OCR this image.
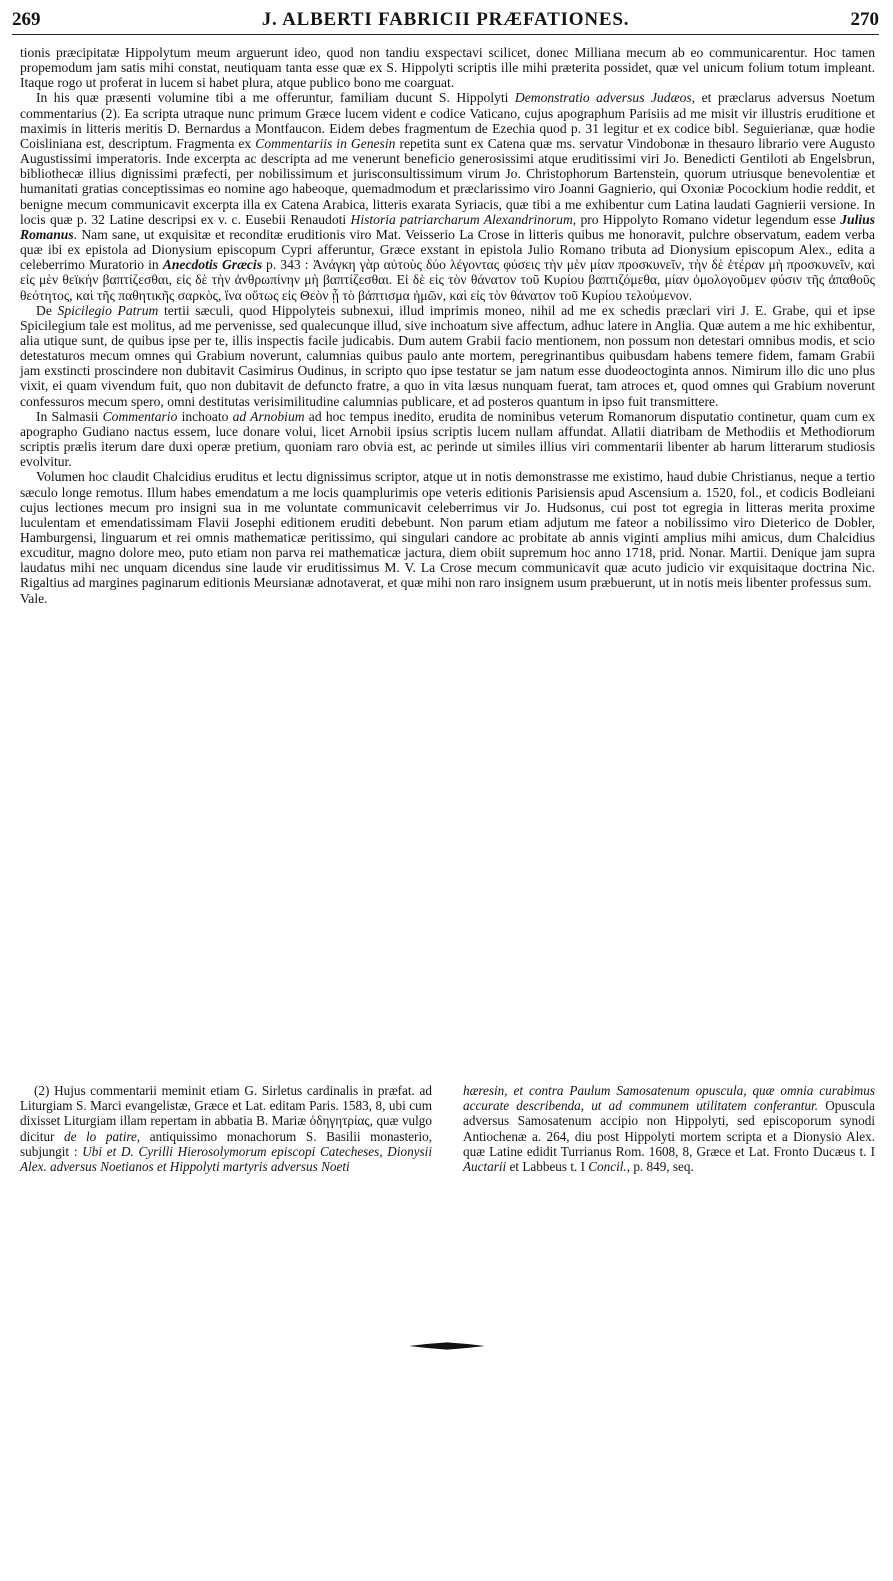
269	J. ALBERTI FABRICII PRÆFATIONES.	270

tionis præcipitatæ Hippolytum meum arguerunt ideo, quod non tandiu exspectavi scilicet, donec Milliana mecum ab eo communicarentur. Hoc tamen propemodum jam satis mihi constat, neutiquam tanta esse quæ ex S. Hippolyti scriptis ille mihi præterita possidet, quæ vel unicum folium totum impleant. Itaque rogo ut proferat in lucem si habet plura, atque publico bono me coarguat.

In his quæ præsenti volumine tibi a me offeruntur, familiam ducunt S. Hippolyti Demonstratio adversus Judæos, et præclarus adversus Noetum commentarius (2). Ea scripta utraque nunc primum Græce lucem vident e codice Vaticano, cujus apographum Parisiis ad me misit vir illustris eruditione et maximis in litteris meritis D. Bernardus a Montfaucon. Eidem debes fragmentum de Ezechia quod p. 31 legitur et ex codice bibl. Seguierianæ, quæ hodie Coisliniana est, descriptum. Fragmenta ex Commentariis in Genesin repetita sunt ex Catena quæ ms. servatur Vindobonæ in thesauro librario vere Augusto Augustissimi imperatoris. Inde excerpta ac descripta ad me venerunt beneficio generosissimi atque eruditissimi viri Jo. Benedicti Gentiloti ab Engelsbrun, bibliothecæ illius dignissimi præfecti, per nobilissimum et jurisconsultissimum virum Jo. Christophorum Bartenstein, quorum utriusque benevolentiæ et humanitati gratias conceptissimas eo nomine ago habeoque, quemadmodum et præclarissimo viro Joanni Gagnierio, qui Oxoniæ Pocockium hodie reddit, et benigne mecum communicavit excerpta illa ex Catena Arabica, litteris exarata Syriacis, quæ tibi a me exhibentur cum Latina laudati Gagnierii versione. In locis quæ p. 32 Latine descripsi ex v. c. Eusebii Renaudoti Historia patriarcharum Alexandrinorum, pro Hippolyto Romano videtur legendum esse Julius Romanus. Nam sane, ut exquisitæ et reconditæ eruditionis viro Mat. Veisserio La Crose in litteris quibus me honoravit, pulchre observatum, eadem verba quæ ibi ex epistola ad Dionysium episcopum Cypri afferuntur, Græce exstant in epistola Julio Romano tributa ad Dionysium episcopum Alex., edita a celeberrimo Muratorio in Anecdotis Græcis p. 343 : Ἀνάγκη γὰρ αὐτοὺς δύο λέγοντας φύσεις τὴν μὲν μίαν προσκυνεῖν, τὴν δὲ ἑτέραν μὴ προσκυνεῖν, καὶ εἰς μὲν θεϊκὴν βαπτίζεσθαι, εἰς δὲ τὴν ἀνθρωπίνην μὴ βαπτίζεσθαι. Εἰ δὲ εἰς τὸν θάνατον τοῦ Κυρίου βαπτιζόμεθα, μίαν ὁμολογοῦμεν φύσιν τῆς ἀπαθοῦς θεότητος, καὶ τῆς παθητικῆς σαρκὸς, ἵνα οὕτως εἰς Θεὸν ᾖ τὸ βάπτισμα ἡμῶν, καὶ εἰς τὸν θάνατον τοῦ Κυρίου τελούμενον.

De Spicilegio Patrum tertii sæculi, quod Hippolyteis subnexui, illud imprimis moneo, nihil ad me ex schedis præclari viri J. E. Grabe, qui et ipse Spicilegium tale est molitus, ad me pervenisse, sed qualecunque illud, sive inchoatum sive affectum, adhuc latere in Anglia. Quæ autem a me hic exhibentur, alia utique sunt, de quibus ipse per te, illis inspectis facile judicabis. Dum autem Grabii facio mentionem, non possum non detestari omnibus modis, et scio detestaturos mecum omnes qui Grabium noverunt, calumnias quibus paulo ante mortem, peregrinantibus quibusdam habens temere fidem, famam Grabii jam exstincti proscindere non dubitavit Casimirus Oudinus, in scripto quo ipse testatur se jam natum esse duodeoctoginta annos. Nimirum illo dic uno plus vixit, ei quam vivendum fuit, quo non dubitavit de defuncto fratre, a quo in vita læsus nunquam fuerat, tam atroces et, quod omnes qui Grabium noverunt confessuros mecum spero, omni destitutas verisimilitudine calumnias publicare, et ad posteros quantum in ipso fuit transmittere.

In Salmasii Commentario inchoato ad Arnobium ad hoc tempus inedito, erudita de nominibus veterum Romanorum disputatio continetur, quam cum ex apographo Gudiano nactus essem, luce donare volui, licet Arnobii ipsius scriptis lucem nullam affundat. Allatii diatribam de Methodiis et Methodiorum scriptis prælis iterum dare duxi operæ pretium, quoniam raro obvia est, ac perinde ut similes illius viri commentarii libenter ab harum litterarum studiosis evolvitur.

Volumen hoc claudit Chalcidius eruditus et lectu dignissimus scriptor, atque ut in notis demonstrasse me existimo, haud dubie Christianus, neque a tertio sæculo longe remotus. Illum habes emendatum a me locis quamplurimis ope veteris editionis Parisiensis apud Ascensium a. 1520, fol., et codicis Bodleiani cujus lectiones mecum pro insigni sua in me voluntate communicavit celeberrimus vir Jo. Hudsonus, cui post tot egregia in litteras merita proxime luculentam et emendatissimam Flavii Josephi editionem eruditi debebunt. Non parum etiam adjutum me fateor a nobilissimo viro Dieterico de Dobler, Hamburgensi, linguarum et rei omnis mathematicæ peritissimo, qui singulari candore ac probitate ab annis viginti amplius mihi amicus, dum Chalcidius excuditur, magno dolore meo, puto etiam non parva rei mathematicæ jactura, diem obiit supremum hoc anno 1718, prid. Nonar. Martii. Denique jam supra laudatus mihi nec unquam dicendus sine laude vir eruditissimus M. V. La Crose mecum communicavit quæ acuto judicio vir exquisitaque doctrina Nic. Rigaltius ad margines paginarum editionis Meursianæ adnotaverat, et quæ mihi non raro insignem usum præbuerunt, ut in notis meis libenter professus sum.

Vale.

(2) Hujus commentarii meminit etiam G. Sirletus cardinalis in præfat. ad Liturgiam S. Marci evangelistæ, Græce et Lat. editam Paris. 1583, 8, ubi cum dixisset Liturgiam illam repertam in abbatia B. Mariæ ὁδηγητρίας, quæ vulgo dicitur de lo patire, antiquissimo monachorum S. Basilii monasterio, subjungit : Ubi et D. Cyrilli Hierosolymorum episcopi Catecheses, Dionysii Alex. adversus Noetianos et Hippolyti martyris adversus Noeti

hæresin, et contra Paulum Samosatenum opuscula, quæ omnia curabimus accurate describenda, ut ad communem utilitatem conferantur. Opuscula adversus Samosatenum accipio non Hippolyti, sed episcoporum synodi Antiochenæ a. 264, diu post Hippolyti mortem scripta et a Dionysio Alex. quæ Latine edidit Turrianus Rom. 1608, 8, Græce et Lat. Fronto Ducæus t. I Auctarii et Labbeus t. I Concil., p. 849, seq.
